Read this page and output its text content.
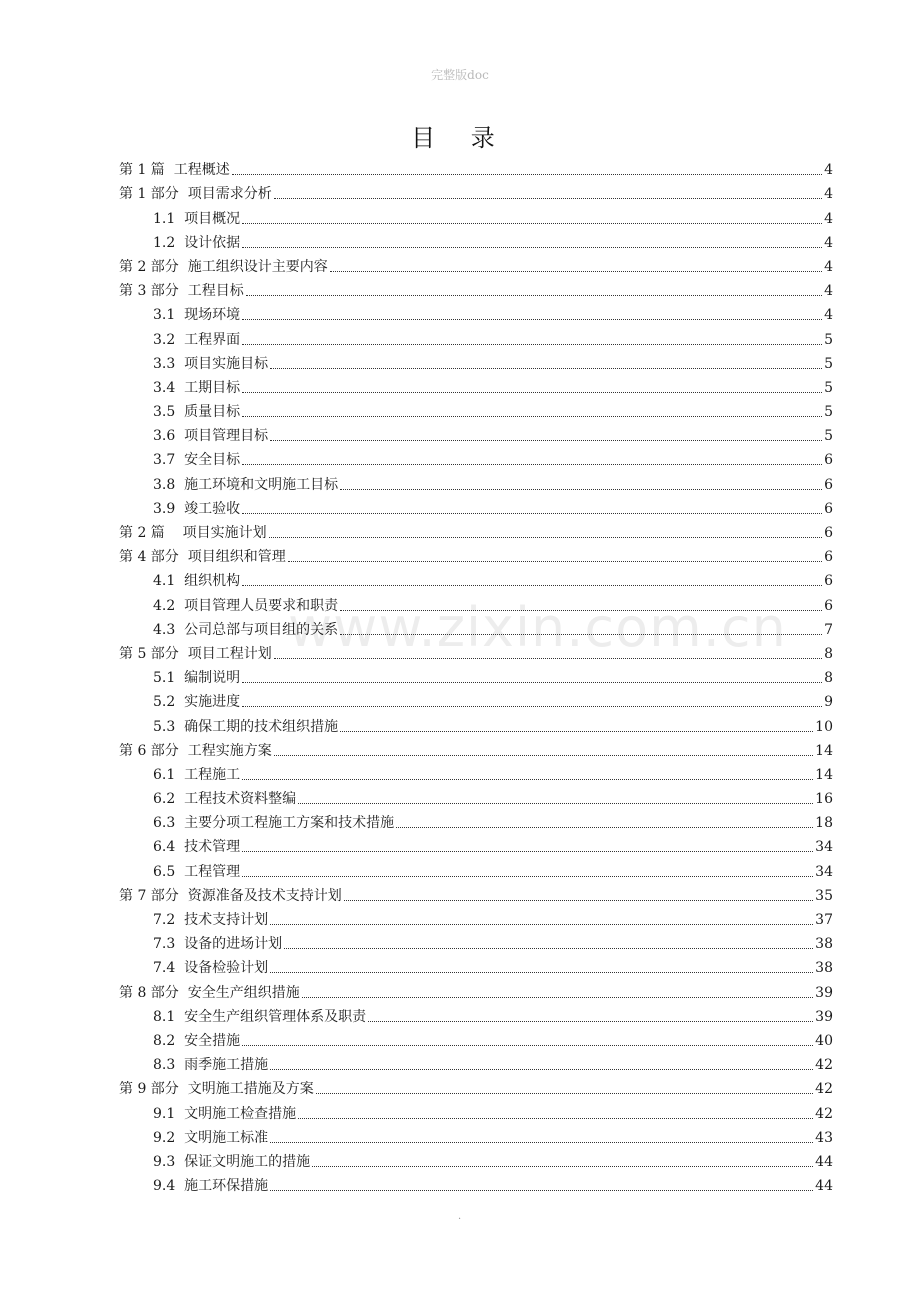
完整版doc
目 录
www.zixin.com.cn
第 1 篇  工程概述	4
第 1 部分  项目需求分析	4
1.1  项目概况	4
1.2  设计依据	4
第 2 部分  施工组织设计主要内容	4
第 3 部分  工程目标	4
3.1  现场环境	4
3.2  工程界面	5
3.3  项目实施目标	5
3.4  工期目标	5
3.5  质量目标	5
3.6  项目管理目标	5
3.7  安全目标	6
3.8  施工环境和文明施工目标	6
3.9  竣工验收	6
第 2 篇    项目实施计划	6
第 4 部分  项目组织和管理	6
4.1  组织机构	6
4.2  项目管理人员要求和职责	6
4.3  公司总部与项目组的关系	7
第 5 部分  项目工程计划	8
5.1  编制说明	8
5.2  实施进度	9
5.3  确保工期的技术组织措施	10
第 6 部分  工程实施方案	14
6.1  工程施工	14
6.2  工程技术资料整编	16
6.3  主要分项工程施工方案和技术措施	18
6.4  技术管理	34
6.5  工程管理	34
第 7 部分  资源准备及技术支持计划	35
7.2  技术支持计划	37
7.3  设备的进场计划	38
7.4  设备检验计划	38
第 8 部分  安全生产组织措施	39
8.1  安全生产组织管理体系及职责	39
8.2  安全措施	40
8.3  雨季施工措施	42
第 9 部分  文明施工措施及方案	42
9.1  文明施工检查措施	42
9.2  文明施工标准	43
9.3  保证文明施工的措施	44
9.4  施工环保措施	44
·
